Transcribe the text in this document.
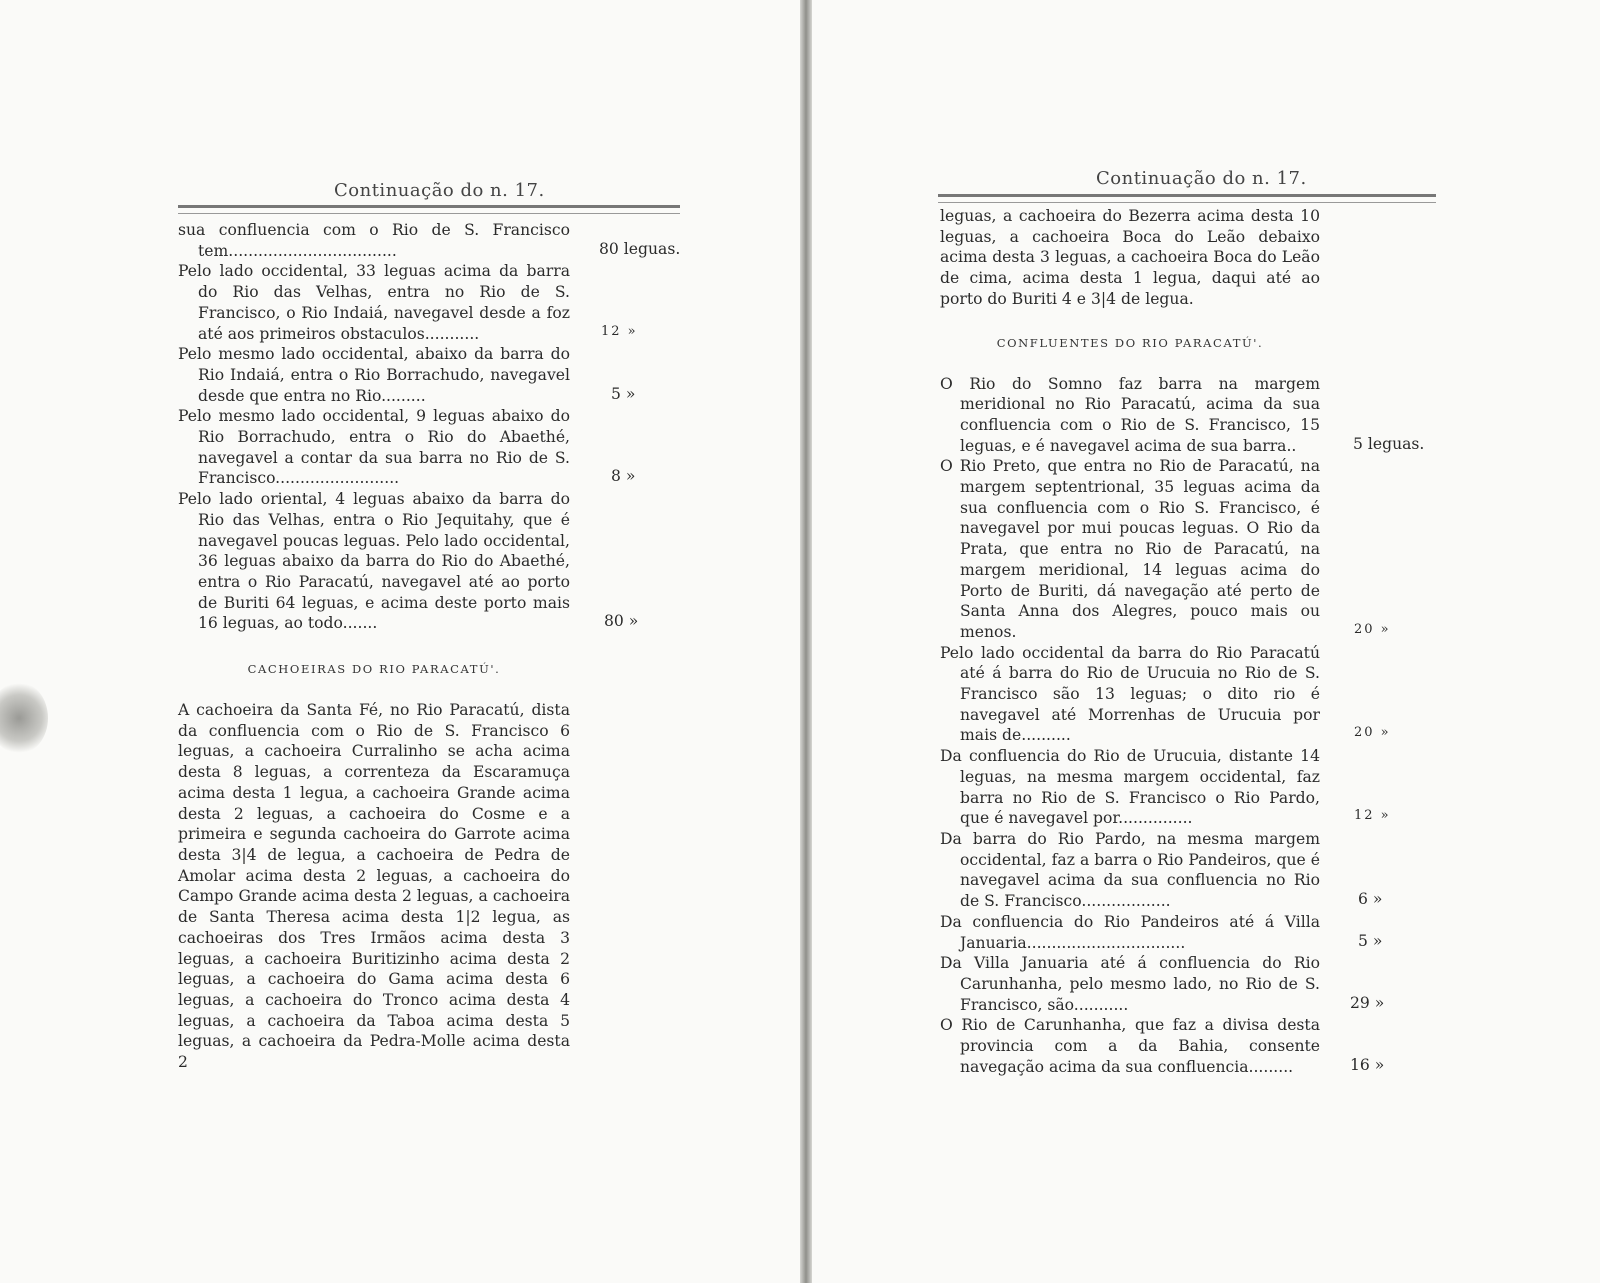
Continuação do n. 17.
sua confluencia com o Rio de S. Francisco tem..................................	80 leguas.
Pelo lado occidental, 33 leguas acima da barra do Rio das Velhas, entra no Rio de S. Francisco, o Rio Indaiá, navegavel desde a foz até aos primeiros obstaculos...........	12 »
Pelo mesmo lado occidental, abaixo da barra do Rio Indaiá, entra o Rio Borrachudo, navegavel desde que entra no Rio.........	5 »
Pelo mesmo lado occidental, 9 leguas abaixo do Rio Borrachudo, entra o Rio do Abaethé, navegavel a contar da sua barra no Rio de S. Francisco.........................	8 »
Pelo lado oriental, 4 leguas abaixo da barra do Rio das Velhas, entra o Rio Jequitahy, que é navegavel poucas leguas. Pelo lado occidental, 36 leguas abaixo da barra do Rio do Abaethé, entra o Rio Paracatú, navegavel até ao porto de Buriti 64 leguas, e acima deste porto mais 16 leguas, ao todo.......	80 »
CACHOEIRAS DO RIO PARACATÚ'.
A cachoeira da Santa Fé, no Rio Paracatú, dista da confluencia com o Rio de S. Francisco 6 leguas, a cachoeira Curralinho se acha acima desta 8 leguas, a correnteza da Escaramuça acima desta 1 legua, a cachoeira Grande acima desta 2 leguas, a cachoeira do Cosme e a primeira e segunda cachoeira do Garrote acima desta 3|4 de legua, a cachoeira de Pedra de Amolar acima desta 2 leguas, a cachoeira do Campo Grande acima desta 2 leguas, a cachoeira de Santa Theresa acima desta 1|2 legua, as cachoeiras dos Tres Irmãos acima desta 3 leguas, a cachoeira Buritizinho acima desta 2 leguas, a cachoeira do Gama acima desta 6 leguas, a cachoeira do Tronco acima desta 4 leguas, a cachoeira da Taboa acima desta 5 leguas, a cachoeira da Pedra-Molle acima desta 2
Continuação do n. 17.
leguas, a cachoeira do Bezerra acima desta 10 leguas, a cachoeira Boca do Leão debaixo acima desta 3 leguas, a cachoeira Boca do Leão de cima, acima desta 1 legua, daqui até ao porto do Buriti 4 e 3|4 de legua.
CONFLUENTES DO RIO PARACATÚ'.
O Rio do Somno faz barra na margem meridional no Rio Paracatú, acima da sua confluencia com o Rio de S. Francisco, 15 leguas, e é navegavel acima de sua barra..	5 leguas.
O Rio Preto, que entra no Rio de Paracatú, na margem septentrional, 35 leguas acima da sua confluencia com o Rio S. Francisco, é navegavel por mui poucas leguas. O Rio da Prata, que entra no Rio de Paracatú, na margem meridional, 14 leguas acima do Porto de Buriti, dá navegação até perto de Santa Anna dos Alegres, pouco mais ou menos.	20 »
Pelo lado occidental da barra do Rio Paracatú até á barra do Rio de Urucuia no Rio de S. Francisco são 13 leguas; o dito rio é navegavel até Morrenhas de Urucuia por mais de..........	20 »
Da confluencia do Rio de Urucuia, distante 14 leguas, na mesma margem occidental, faz barra no Rio de S. Francisco o Rio Pardo, que é navegavel por...............	12 »
Da barra do Rio Pardo, na mesma margem occidental, faz a barra o Rio Pandeiros, que é navegavel acima da sua confluencia no Rio de S. Francisco..................	6 »
Da confluencia do Rio Pandeiros até á Villa Januaria................................	5 »
Da Villa Januaria até á confluencia do Rio Carunhanha, pelo mesmo lado, no Rio de S. Francisco, são...........	29 »
O Rio de Carunhanha, que faz a divisa desta provincia com a da Bahia, consente navegação acima da sua confluencia.........	16 »
